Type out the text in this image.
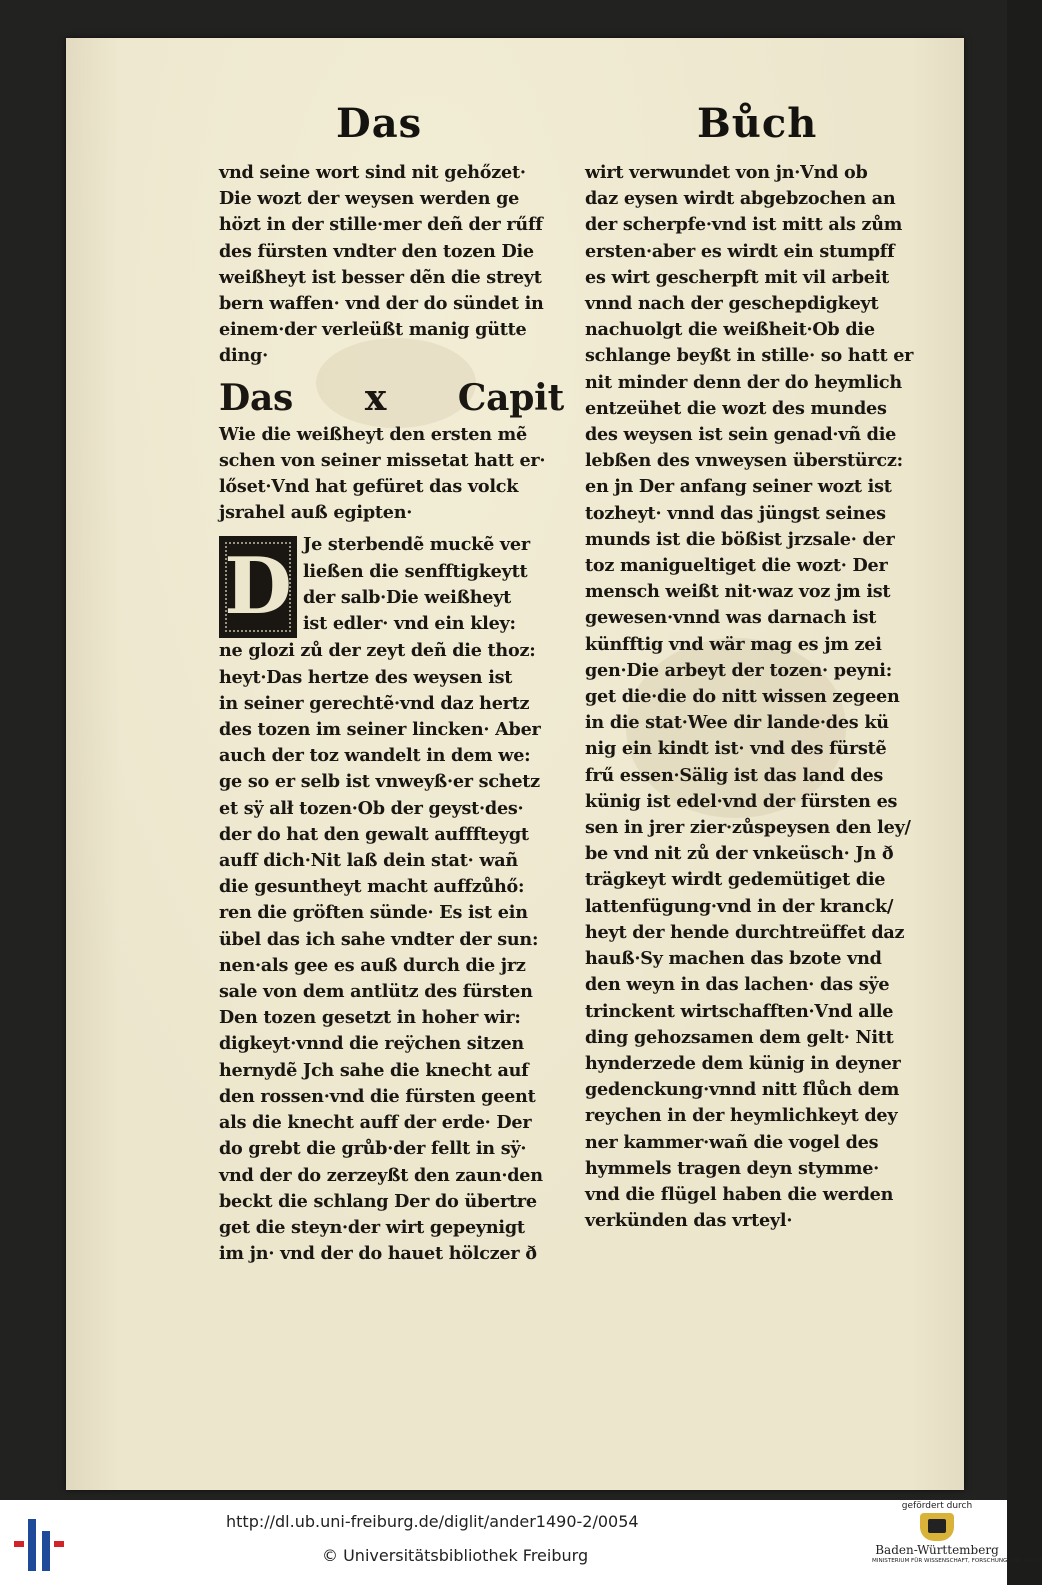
Das	Bůch
vnd seine wort sind nit gehőzet·
Die wozt der weysen werden ge
hözt in der stille·mer deñ der rűff
des fürsten vndter den tozen Die
weißheyt ist besser dẽn die streyt
bern waffen· vnd der do sündet in
einem·der verleüßt manig gütte
ding·
Das x Capit
Wie die weißheyt den ersten mẽ
schen von seiner missetat hatt er·
lőset·Vnd hat gefüret das volck
jsrahel auß egipten·
D Je sterbendẽ muckẽ ver
ließen die senfftigkeytt
der salb·Die weißheyt
ist edler· vnd ein kley:
ne glozi zů der zeyt deñ die thoz:
heyt·Das hertze des weysen ist
in seiner gerechtẽ·vnd daz hertz
des tozen im seiner lincken· Aber
auch der toz wandelt in dem we:
ge so er selb ist vnweyß·er schetz
et sÿ alł tozen·Ob der geyst·des·
der do hat den gewalt aufffteygt
auff dich·Nit laß dein stat· wañ
die gesuntheyt macht auffzůhő:
ren die gröften sünde· Es ist ein
übel das ich sahe vndter der sun:
nen·als gee es auß durch die jrz
sale von dem antlütz des fürsten
Den tozen gesetzt in hoher wir:
digkeyt·vnnd die reÿchen sitzen
hernydẽ Jch sahe die knecht auf
den rossen·vnd die fürsten geent
als die knecht auff der erde· Der
do grebt die grůb·der fellt in sÿ·
vnd der do zerzeyßt den zaun·den
beckt die schlang Der do übertre
get die steyn·der wirt gepeynigt
im jn· vnd der do hauet hölczer ð
wirt verwundet von jn·Vnd ob
daz eysen wirdt abgebzochen an
der scherpfe·vnd ist mitt als zům
ersten·aber es wirdt ein stumpff
es wirt gescherpft mit vil arbeit
vnnd nach der geschepdigkeyt
nachuolgt die weißheit·Ob die
schlange beyßt in stille· so hatt er
nit minder denn der do heymlich
entzeühet die wozt des mundes
des weysen ist sein genad·vñ die
lebßen des vnweysen überstürcz:
en jn Der anfang seiner wozt ist
tozheyt· vnnd das jüngst seines
munds ist die bößist jrzsale· der
toz manigueltiget die wozt· Der
mensch weißt nit·waz voz jm ist
gewesen·vnnd was darnach ist
künfftig vnd wär mag es jm zei
gen·Die arbeyt der tozen· peyni:
get die·die do nitt wissen zegeen
in die stat·Wee dir lande·des kü
nig ein kindt ist· vnd des fürstẽ
frű essen·Sälig ist das land des
künig ist edel·vnd der fürsten es
sen in jrer zier·zůspeysen den ley/
be vnd nit zů der vnkeüsch· Jn ð
trägkeyt wirdt gedemütiget die
lattenfügung·vnd in der kranck/
heyt der hende durchtreüffet daz
hauß·Sy machen das bzote vnd
den weyn in das lachen· das sÿe
trinckent wirtschafften·Vnd alle
ding gehozsamen dem gelt· Nitt
hynderzede dem künig in deyner
gedenckung·vnnd nitt flůch dem
reychen in der heymlichkeyt dey
ner kammer·wañ die vogel des
hymmels tragen deyn stymme·
vnd die flügel haben die werden
verkünden das vrteyl·
http://dl.ub.uni-freiburg.de/diglit/ander1490-2/0054
© Universitätsbibliothek Freiburg
gefördert durch
Baden-Württemberg
MINISTERIUM FÜR WISSENSCHAFT, FORSCHUNG UND KUNST
